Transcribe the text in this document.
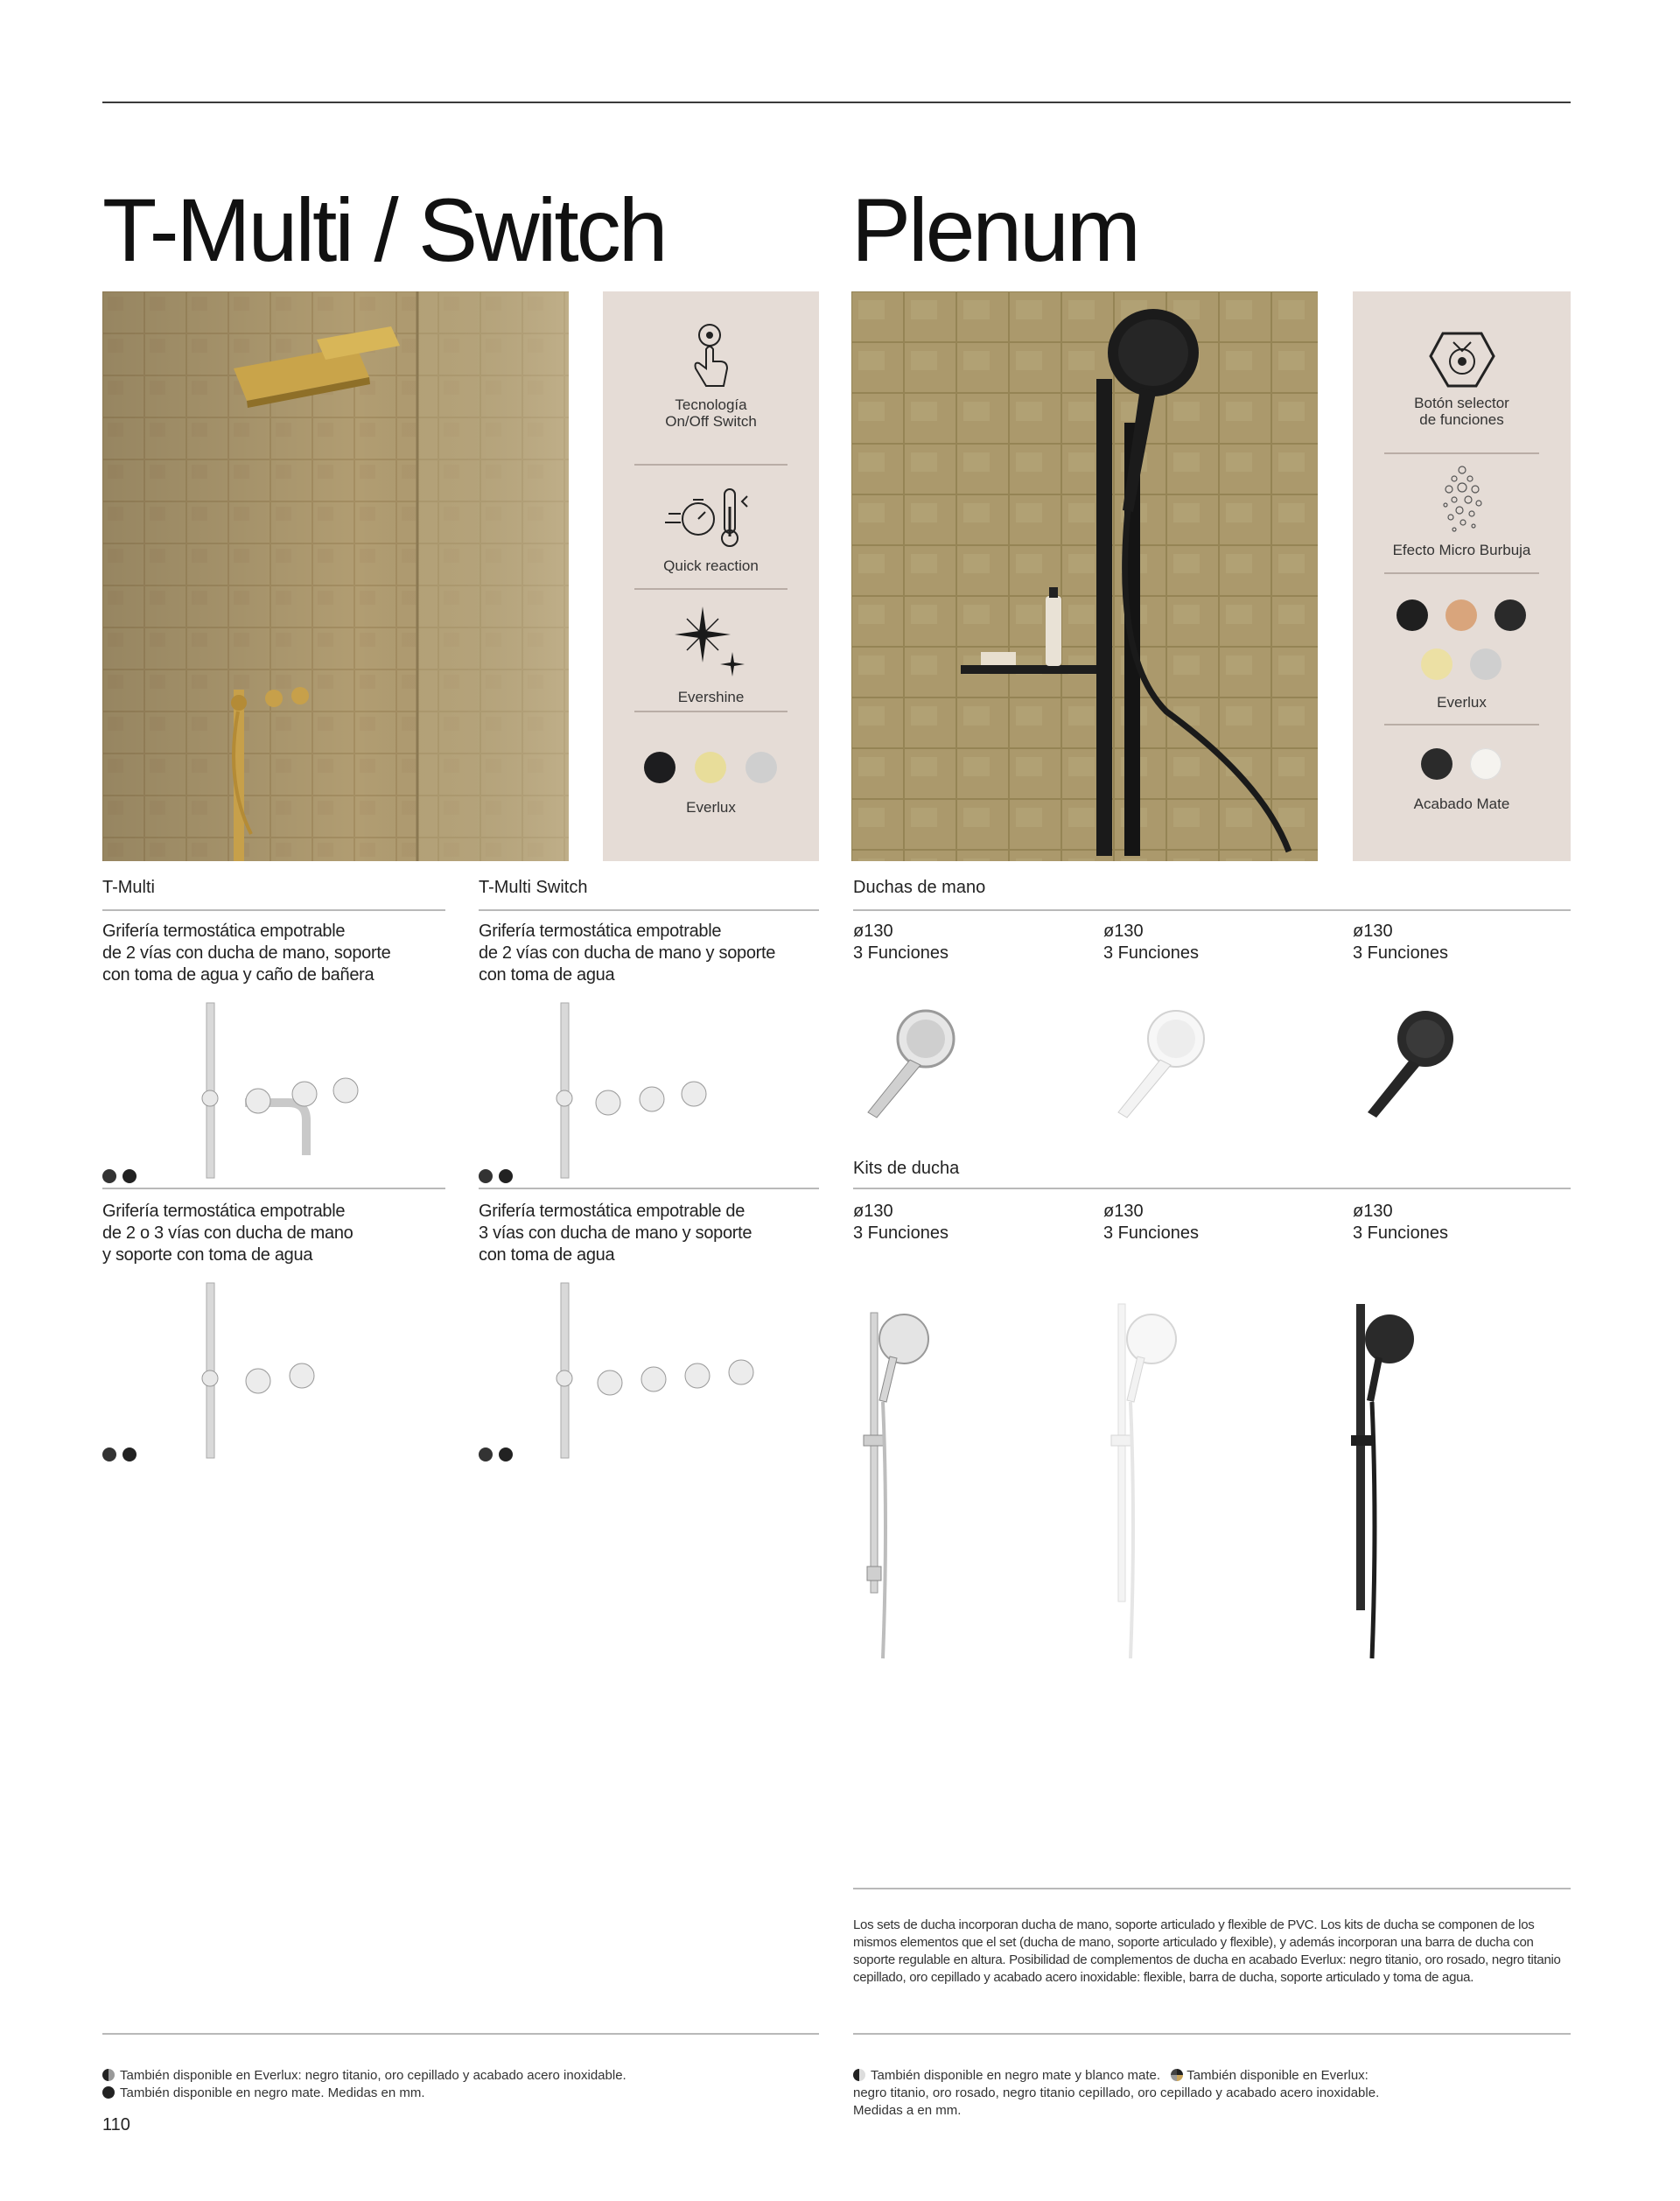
T-Multi / Switch Plenum
Tecnología
On/Off Switch
Quick reaction
Evershine
Everlux
Botón selector
de funciones
Efecto Micro Burbuja
Everlux
Acabado Mate
T-Multi	T-Multi Switch	Duchas de mano
Grifería termostática empotrable
de 2 vías con ducha de mano, soporte
con toma de agua y caño de bañera
Grifería termostática empotrable
de 2 vías con ducha de mano y soporte
con toma de agua
Grifería termostática empotrable
de 2 o 3 vías con ducha de mano
y soporte con toma de agua
Grifería termostática empotrable de
3 vías con ducha de mano y soporte
con toma de agua
ø130
3 Funciones
ø130
3 Funciones
ø130
3 Funciones
Kits de ducha
ø130
3 Funciones
ø130
3 Funciones
ø130
3 Funciones
Los sets de ducha incorporan ducha de mano, soporte articulado y flexible de PVC. Los kits de ducha se componen de los mismos elementos que el set (ducha de mano, soporte articulado y flexible), y además incorporan una barra de ducha con soporte regulable en altura. Posibilidad de complementos de ducha en acabado Everlux: negro titanio, oro rosado, negro titanio cepillado, oro cepillado y acabado acero inoxidable: flexible, barra de ducha, soporte articulado y toma de agua.
También disponible en Everlux: negro titanio, oro cepillado y acabado acero inoxidable.
También disponible en negro mate. Medidas en mm.
También disponible en negro mate y blanco mate. También disponible en Everlux:
negro titanio, oro rosado, negro titanio cepillado, oro cepillado y acabado acero inoxidable.
Medidas a en mm.
110
